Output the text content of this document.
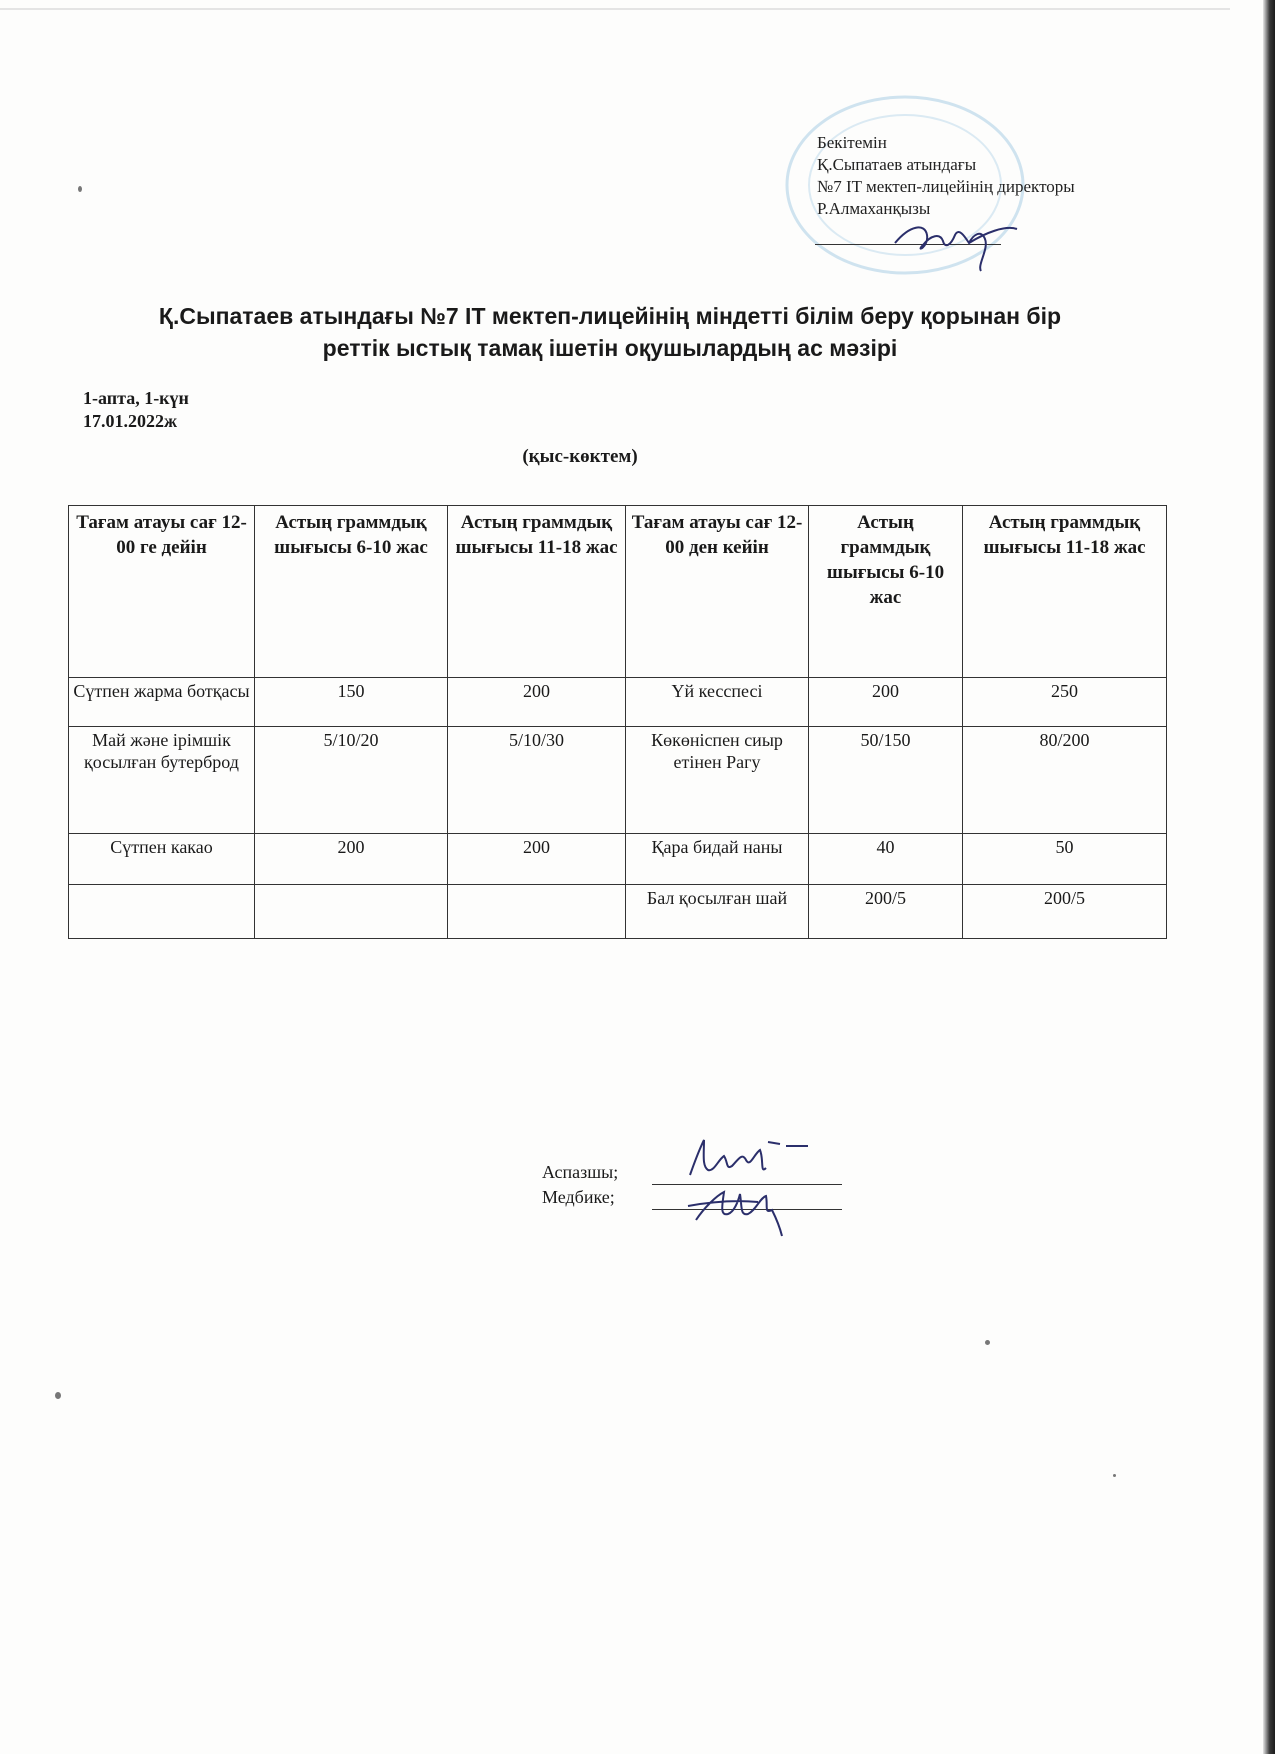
Бекітемін
Қ.Сыпатаев атындағы
№7 IT мектеп-лицейінің директоры
Р.Алмаханқызы
Қ.Сыпатаев атындағы №7 IT мектеп-лицейінің міндетті білім беру қорынан бір
реттік ыстық тамақ ішетін оқушылардың ас мәзірі
1-апта, 1-күн
17.01.2022ж
(қыс-көктем)
Тағам атауы сағ 12-00 ге дейін	Астың граммдық шығысы 6-10 жас	Астың граммдық шығысы 11-18 жас	Тағам атауы сағ 12-00 ден кейін	Астың граммдық шығысы 6-10 жас	Астың граммдық шығысы 11-18 жас
Сүтпен жарма ботқасы	150	200	Үй кесспесі	200	250
Май және ірімшік қосылған бутерброд	5/10/20	5/10/30	Көкөніспен сиыр етінен Рагу	50/150	80/200
Сүтпен какао	200	200	Қара бидай наны	40	50
			Бал қосылған шай	200/5	200/5
Аспазшы;
Медбике;
